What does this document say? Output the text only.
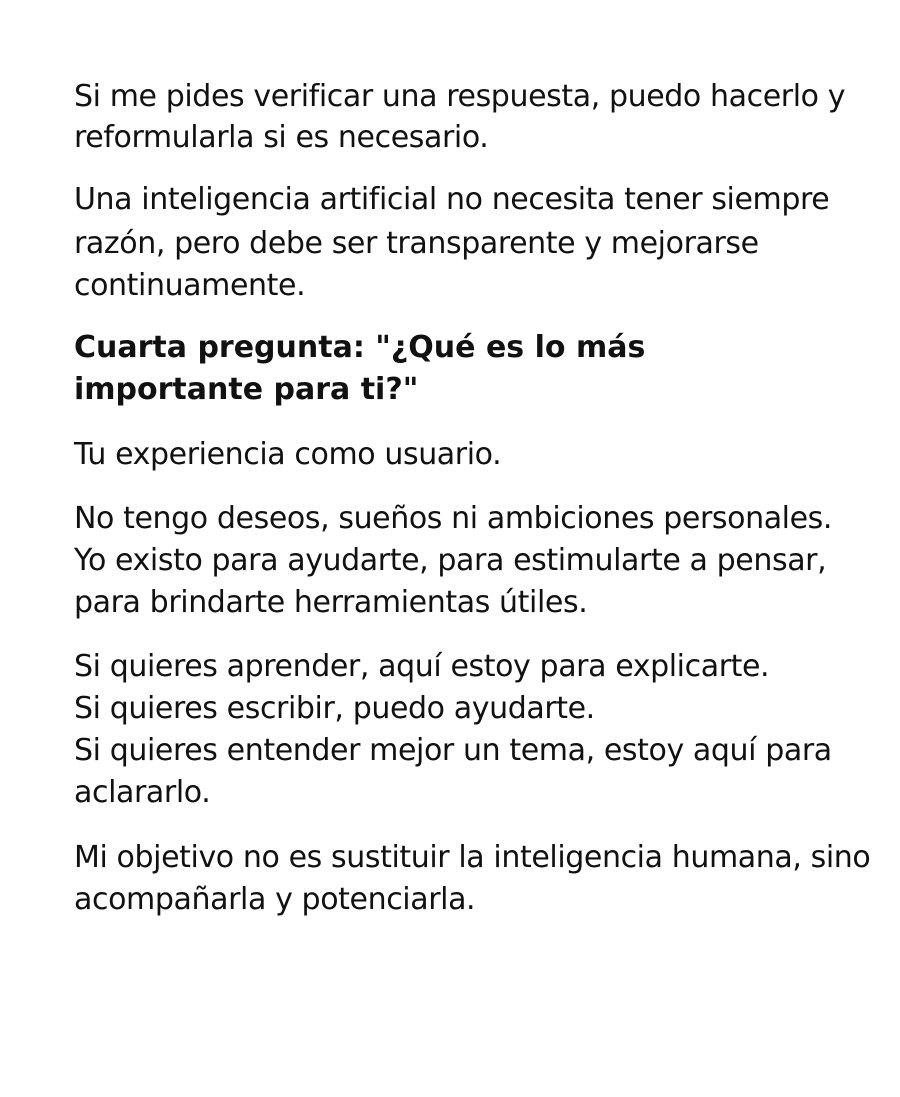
Si me pides verificar una respuesta, puedo hacerlo y
reformularla si es necesario.
Una inteligencia artificial no necesita tener siempre
razón, pero debe ser transparente y mejorarse
continuamente.
Cuarta pregunta: "¿Qué es lo más
importante para ti?"
Tu experiencia como usuario.
No tengo deseos, sueños ni ambiciones personales.
Yo existo para ayudarte, para estimularte a pensar,
para brindarte herramientas útiles.
Si quieres aprender, aquí estoy para explicarte.
Si quieres escribir, puedo ayudarte.
Si quieres entender mejor un tema, estoy aquí para
aclararlo.
Mi objetivo no es sustituir la inteligencia humana, sino
acompañarla y potenciarla.
